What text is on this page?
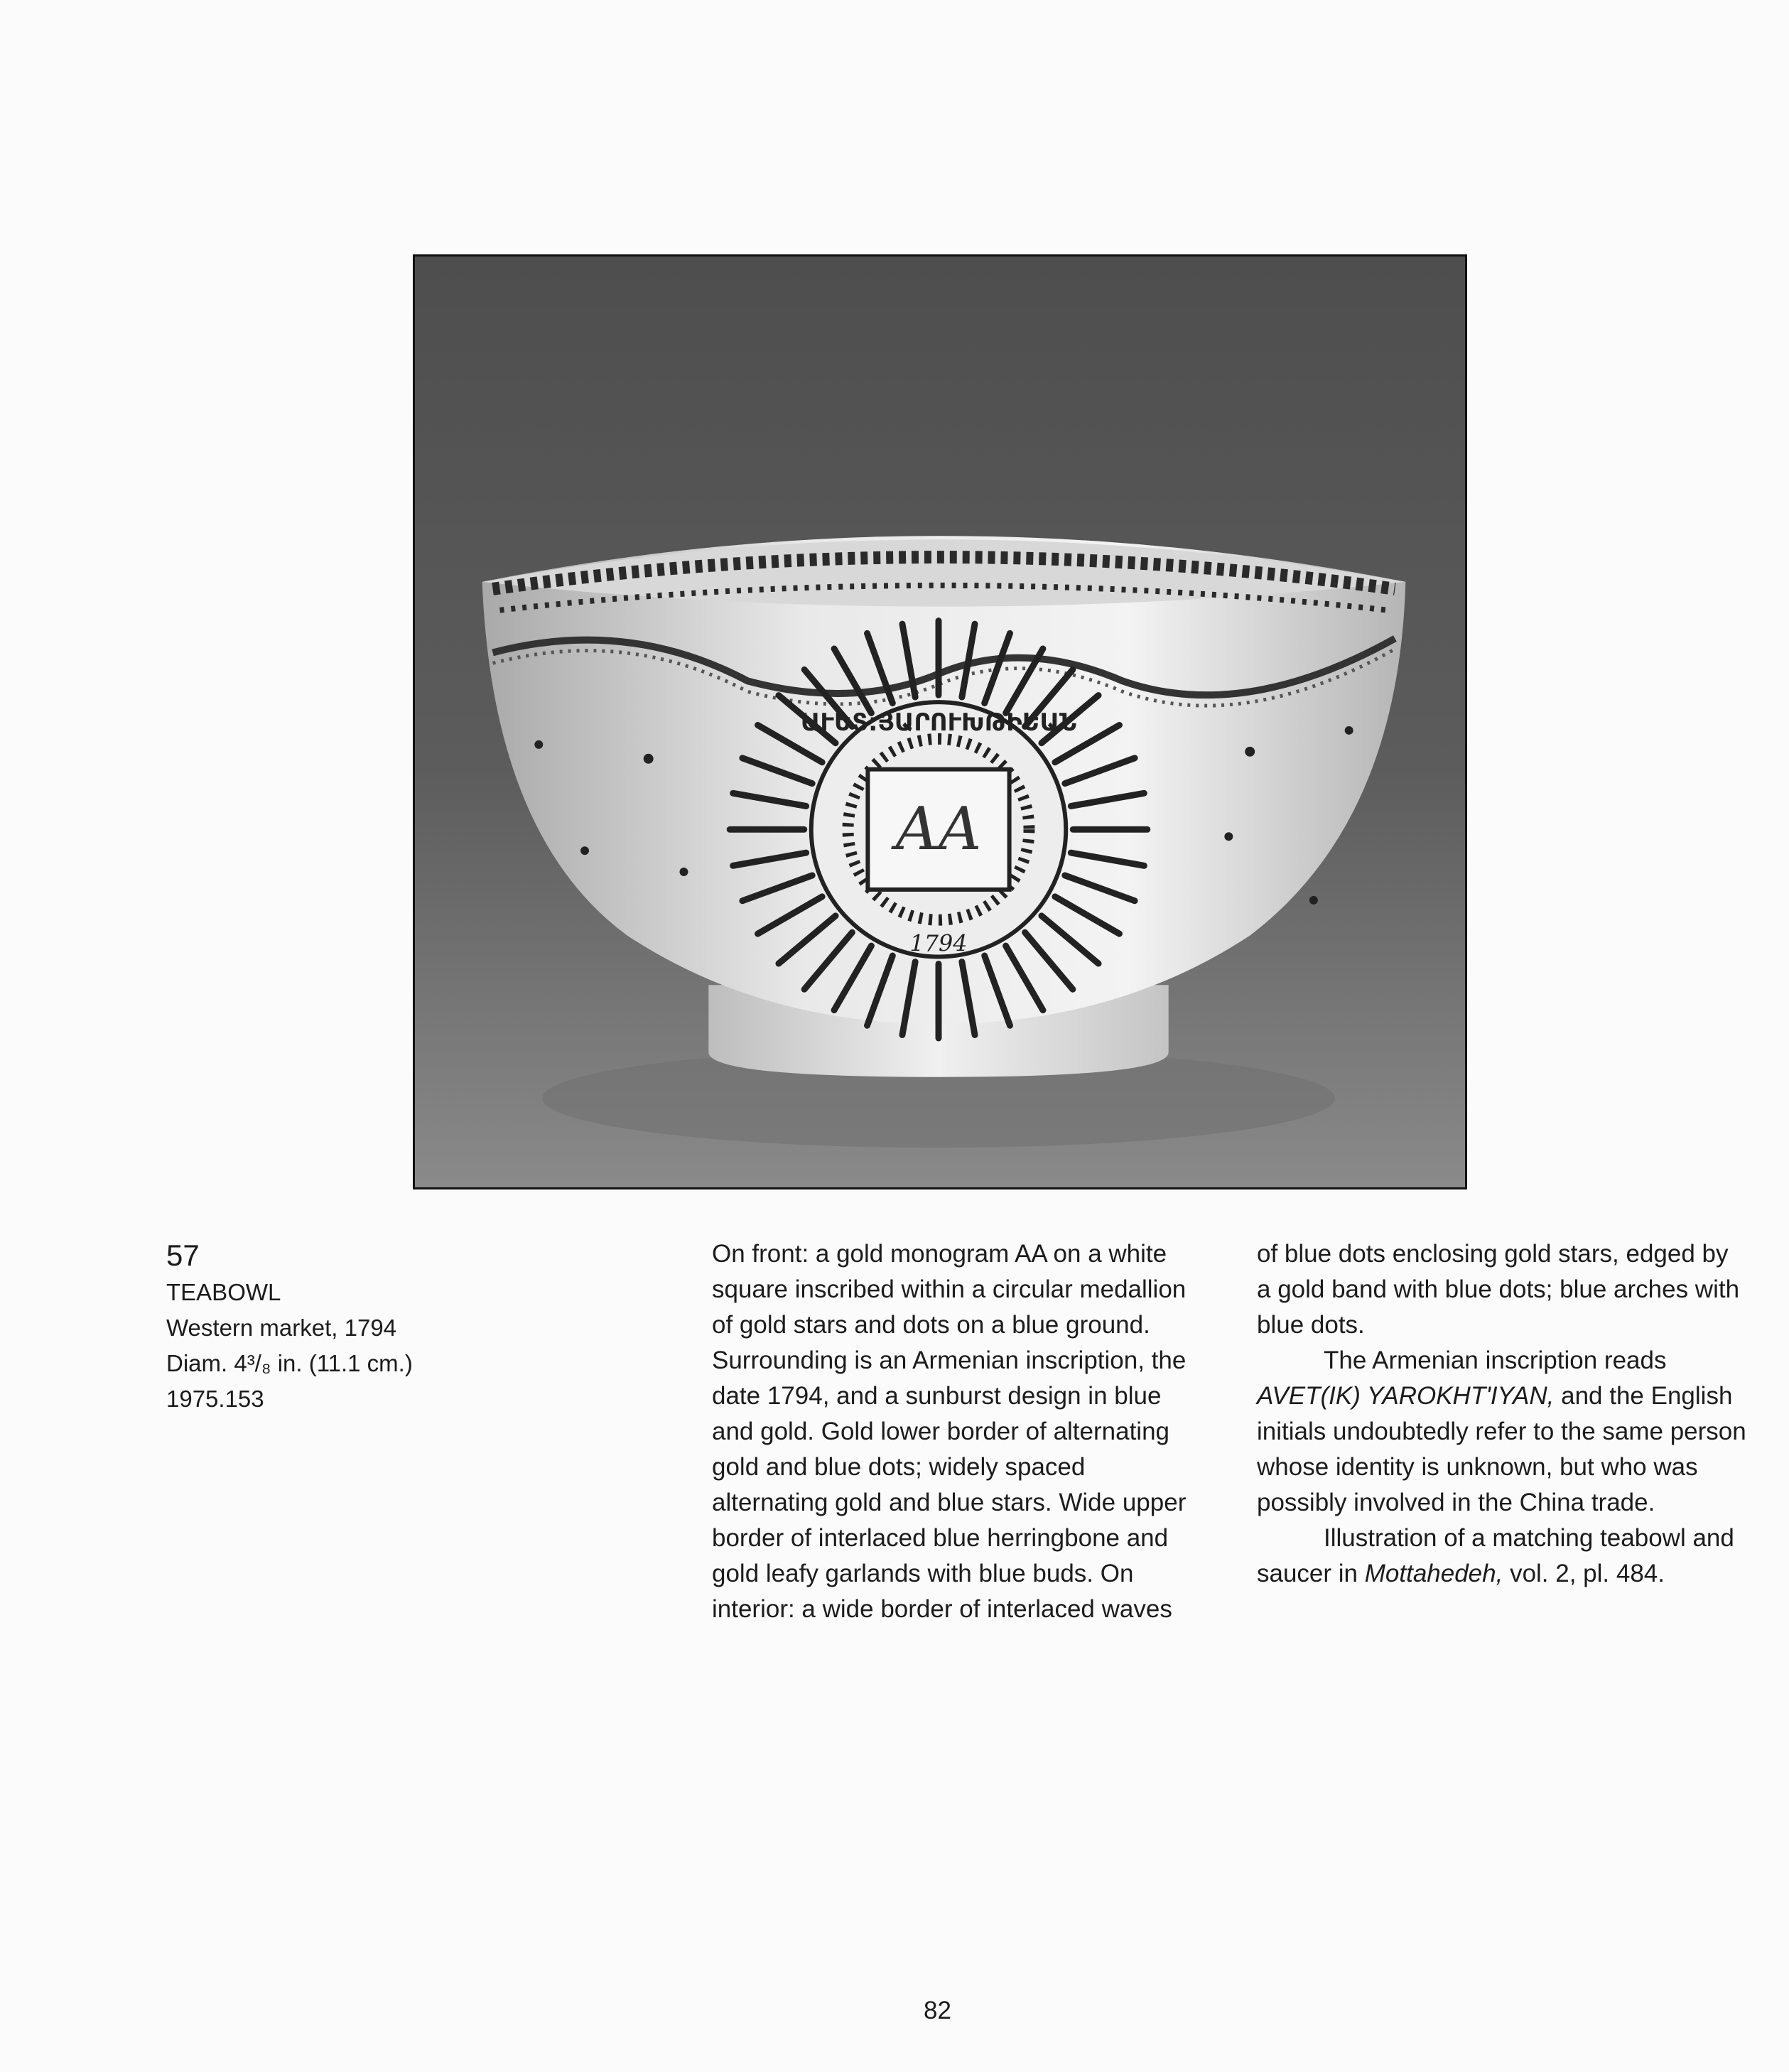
ԱՒԵՏ:ՅԱՐՈՒԽԹԻԵԱՆ
1794
AA
57
TEABOWL
Western market, 1794
Diam. 4³/₈ in. (11.1 cm.)
1975.153

On front: a gold monogram AA on a white square inscribed within a circular medallion of gold stars and dots on a blue ground. Surrounding is an Armenian inscription, the date 1794, and a sunburst design in blue and gold. Gold lower border of alternating gold and blue dots; widely spaced alternating gold and blue stars. Wide upper border of interlaced blue herringbone and gold leafy garlands with blue buds. On interior: a wide border of interlaced waves

of blue dots enclosing gold stars, edged by a gold band with blue dots; blue arches with blue dots.

The Armenian inscription reads AVET(IK) YAROKHT'IYAN, and the English initials undoubtedly refer to the same person whose identity is unknown, but who was possibly involved in the China trade.

Illustration of a matching teabowl and saucer in Mottahedeh, vol. 2, pl. 484.

82
